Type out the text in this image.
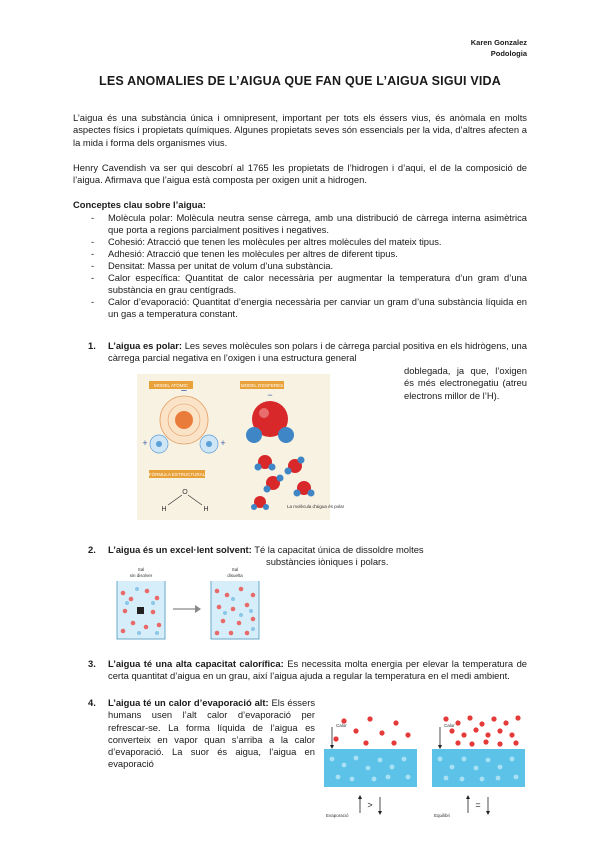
Karen Gonzalez
Podologia
LES ANOMALIES DE L’AIGUA QUE FAN QUE L’AIGUA SIGUI VIDA
L’aigua és una substància única i omnipresent, important per tots els éssers vius, és anòmala en molts aspectes físics i propietats químiques. Algunes propietats seves són essencials per la vida, d’altres afecten a la mida i forma dels organismes vius.
Henry Cavendish va ser qui descobrí al 1765 les propietats de l’hidrogen i d’aqui, el de la composició de l’aigua. Afirmava que l’aigua està composta per oxigen unit a hidrogen.
Conceptes clau sobre l’aigua:
- Molècula polar: Molècula neutra sense càrrega, amb una distribució de càrrega interna asimètrica que porta a regions parcialment positives i negatives.
- Cohesió: Atracció que tenen les molècules per altres molècules del mateix tipus.
- Adhesió: Atracció que tenen les molècules per altres de diferent tipus.
- Densitat: Massa per unitat de volum d’una substància.
- Calor específica: Quantitat de calor necessària per augmentar la temperatura d’un gram d’una substància en grau centígrads.
- Calor d’evaporació: Quantitat d’energia necessària per canviar un gram d’una substància líquida en un gas a temperatura constant.
1. L’aigua es polar: Les seves molècules son polars i de càrrega parcial positiva en els hidrògens, una càrrega parcial negativa en l’oxigen i una estructura general
doblegada, ja que, l’oxigen és més electronegatiu (atreu electrons millor de l’H).
MODEL ATÒMIC
−
+	+
MODEL D'ESFERES
−
FÒRMULA ESTRUCTURAL
O
H	H	La molècula d'aigua és polar
2. L’aigua és un excel·lent solvent: Té la capacitat única de dissoldre moltes
substàncies iòniques i polars.
Sal
sin disolver
Sal
disuelta
3. L’aigua té una alta capacitat calorífica: Es necessita molta energia per elevar la temperatura de certa quantitat d’aigua en un grau, així l’aigua ajuda a regular la temperatura en el medi ambient.
4. L’aigua té un calor d’evaporació alt: Els éssers humans usen l’alt calor d’evaporació per refrescar-se. La forma líquida de l’aigua es converteix en vapor quan s’arriba a la calor d’evaporació. La suor és aigua, l’aigua en evaporació
Calor	Calor
>	=
Evaporació	Equilibri
